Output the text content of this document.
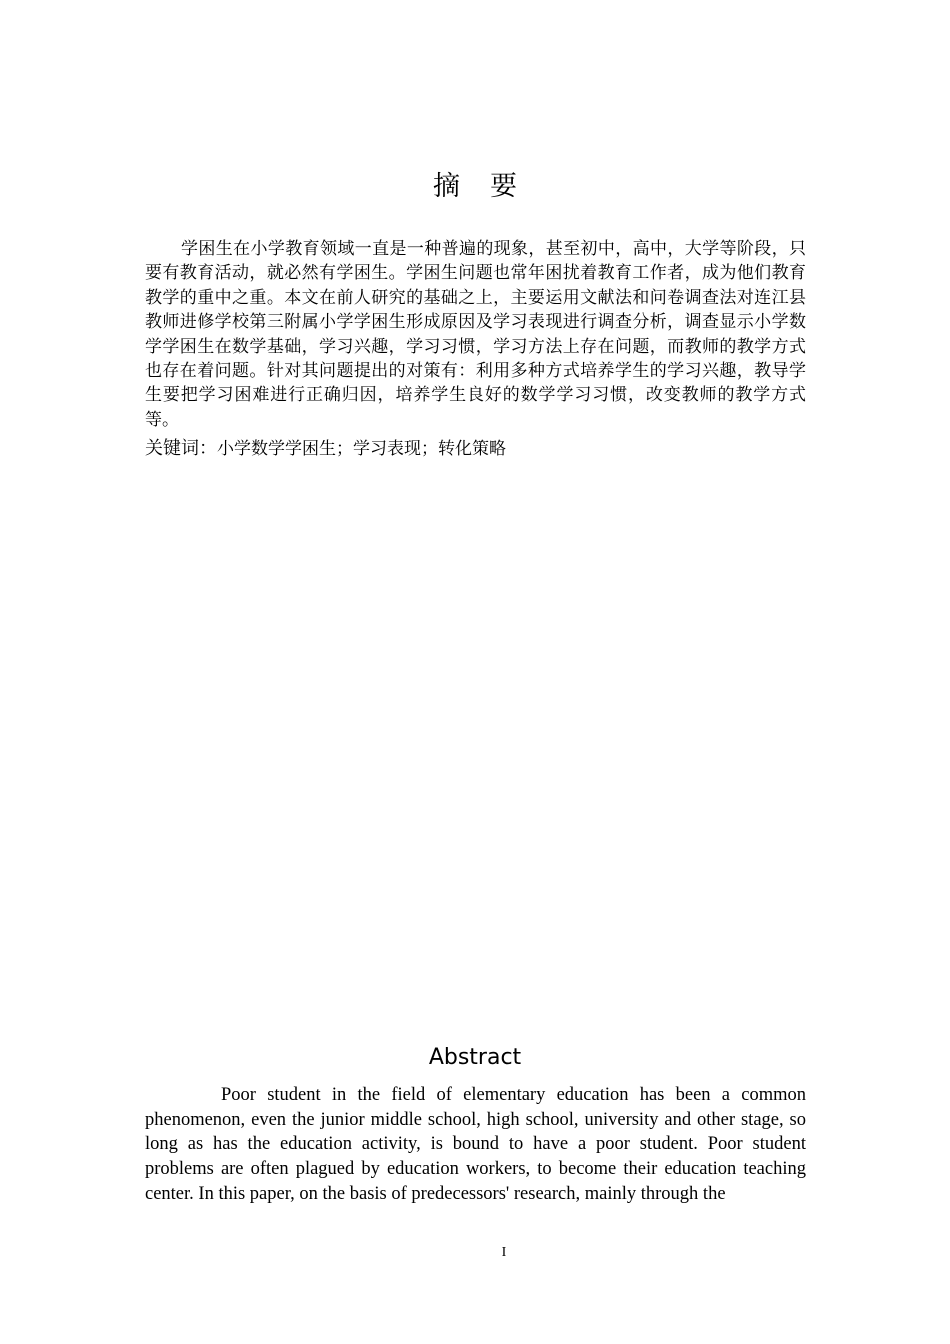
摘要

学困生在小学教育领域一直是一种普遍的现象，甚至初中，高中，大学等阶段，只要有教育活动，就必然有学困生。学困生问题也常年困扰着教育工作者，成为他们教育教学的重中之重。本文在前人研究的基础之上，主要运用文献法和问卷调查法对连江县教师进修学校第三附属小学学困生形成原因及学习表现进行调查分析，调查显示小学数学学困生在数学基础，学习兴趣，学习习惯，学习方法上存在问题，而教师的教学方式也存在着问题。针对其问题提出的对策有：利用多种方式培养学生的学习兴趣，教导学生要把学习困难进行正确归因，培养学生良好的数学学习习惯，改变教师的教学方式等。

关键词：小学数学学困生；学习表现；转化策略
Abstract

Poor student in the field of elementary education has been a common phenomenon, even the junior middle school, high school, university and other stage, so long as has the education activity, is bound to have a poor student. Poor student problems are often plagued by education workers, to become their education teaching center. In this paper, on the basis of predecessors' research, mainly through the

I
